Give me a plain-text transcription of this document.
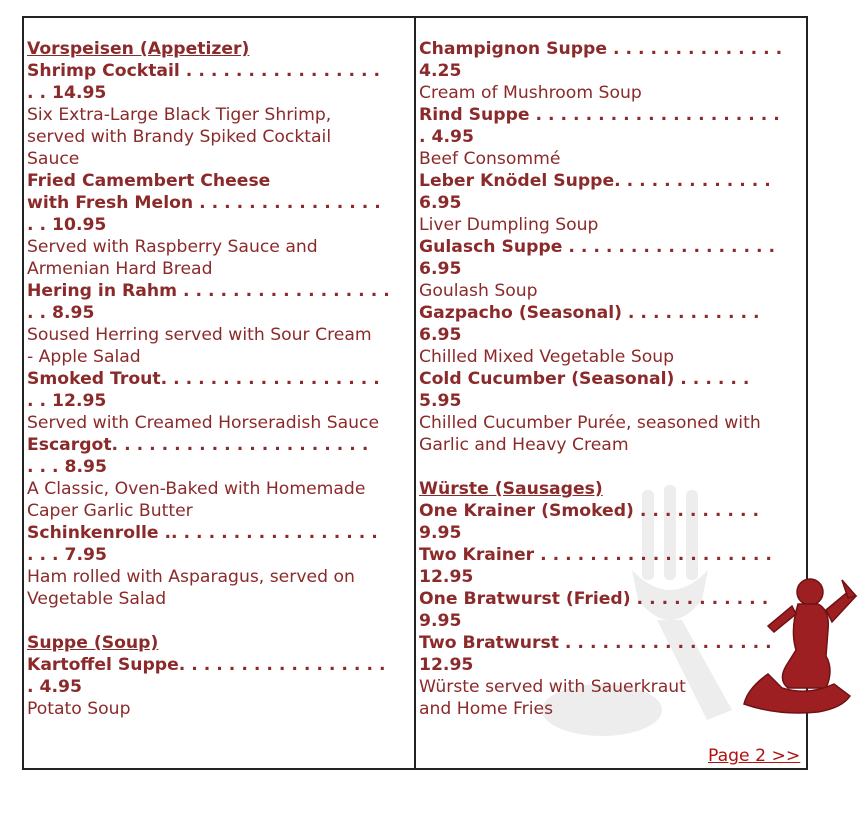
Vorspeisen (Appetizer)
Shrimp Cocktail . . . . . . . . . . . . . . . .
. . 14.95
Six Extra-Large Black Tiger Shrimp,
served with Brandy Spiked Cocktail
Sauce
Fried Camembert Cheese
with Fresh Melon . . . . . . . . . . . . . . .
. . 10.95
Served with Raspberry Sauce and
Armenian Hard Bread
Hering in Rahm . . . . . . . . . . . . . . . . .
. . 8.95
Soused Herring served with Sour Cream
- Apple Salad
Smoked Trout. . . . . . . . . . . . . . . . . .
. . 12.95
Served with Creamed Horseradish Sauce
Escargot. . . . . . . . . . . . . . . . . . . . .
. . . 8.95
A Classic, Oven-Baked with Homemade
Caper Garlic Butter
Schinkenrolle .. . . . . . . . . . . . . . . . .
. . . 7.95
Ham rolled with Asparagus, served on
Vegetable Salad
Suppe (Soup)
Kartoffel Suppe. . . . . . . . . . . . . . . . .
. 4.95
Potato Soup
Champignon Suppe . . . . . . . . . . . . . .
4.25
Cream of Mushroom Soup
Rind Suppe . . . . . . . . . . . . . . . . . . . .
. 4.95
Beef Consommé
Leber Knödel Suppe. . . . . . . . . . . . .
6.95
Liver Dumpling Soup
Gulasch Suppe . . . . . . . . . . . . . . . . .
6.95
Goulash Soup
Gazpacho (Seasonal) . . . . . . . . . . .
6.95
Chilled Mixed Vegetable Soup
Cold Cucumber (Seasonal) . . . . . .
5.95
Chilled Cucumber Purée, seasoned with
Garlic and Heavy Cream
Würste (Sausages)
One Krainer (Smoked) . . . . . . . . . .
9.95
Two Krainer . . . . . . . . . . . . . . . . . . .
12.95
One Bratwurst (Fried) . . . . . . . . . . .
9.95
Two Bratwurst . . . . . . . . . . . . . . . . .
12.95
Würste served with Sauerkraut
and Home Fries
Page 2 >>
